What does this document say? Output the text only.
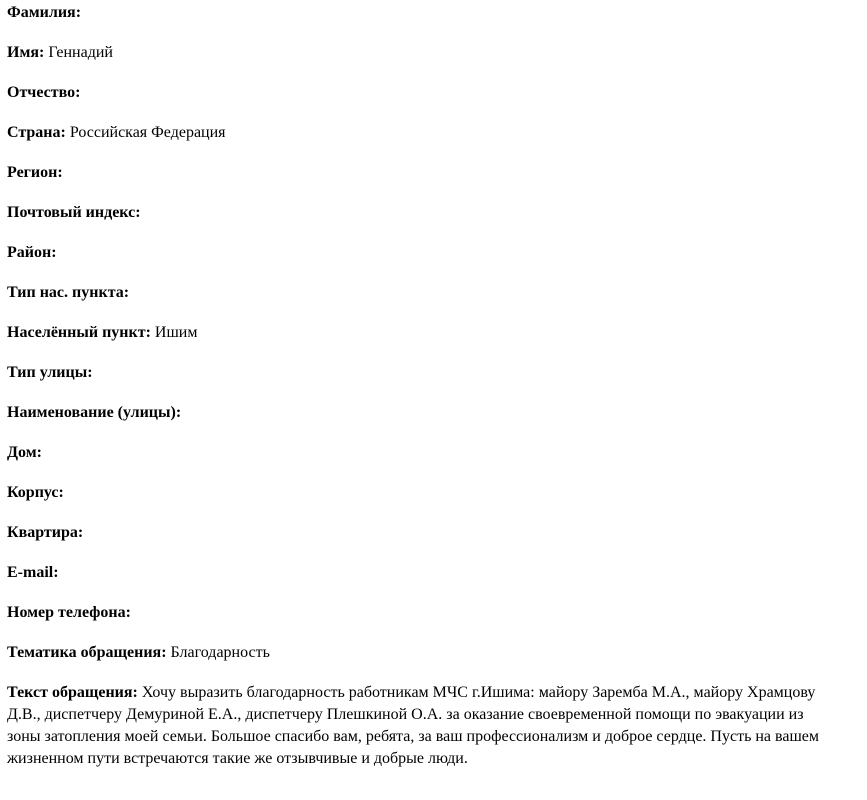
Фамилия:
Имя: Геннадий
Отчество:
Страна: Российская Федерация
Регион:
Почтовый индекс:
Район:
Тип нас. пункта:
Населённый пункт: Ишим
Тип улицы:
Наименование (улицы):
Дом:
Корпус:
Квартира:
E-mail:
Номер телефона:
Тематика обращения: Благодарность
Текст обращения: Хочу выразить благодарность работникам МЧС г.Ишима: майору Заремба М.А., майору Храмцову Д.В., диспетчеру Демуриной Е.А., диспетчеру Плешкиной О.А. за оказание своевременной помощи по эвакуации из зоны затопления моей семьи. Большое спасибо вам, ребята, за ваш профессионализм и доброе сердце. Пусть на вашем жизненном пути встречаются такие же отзывчивые и добрые люди.
